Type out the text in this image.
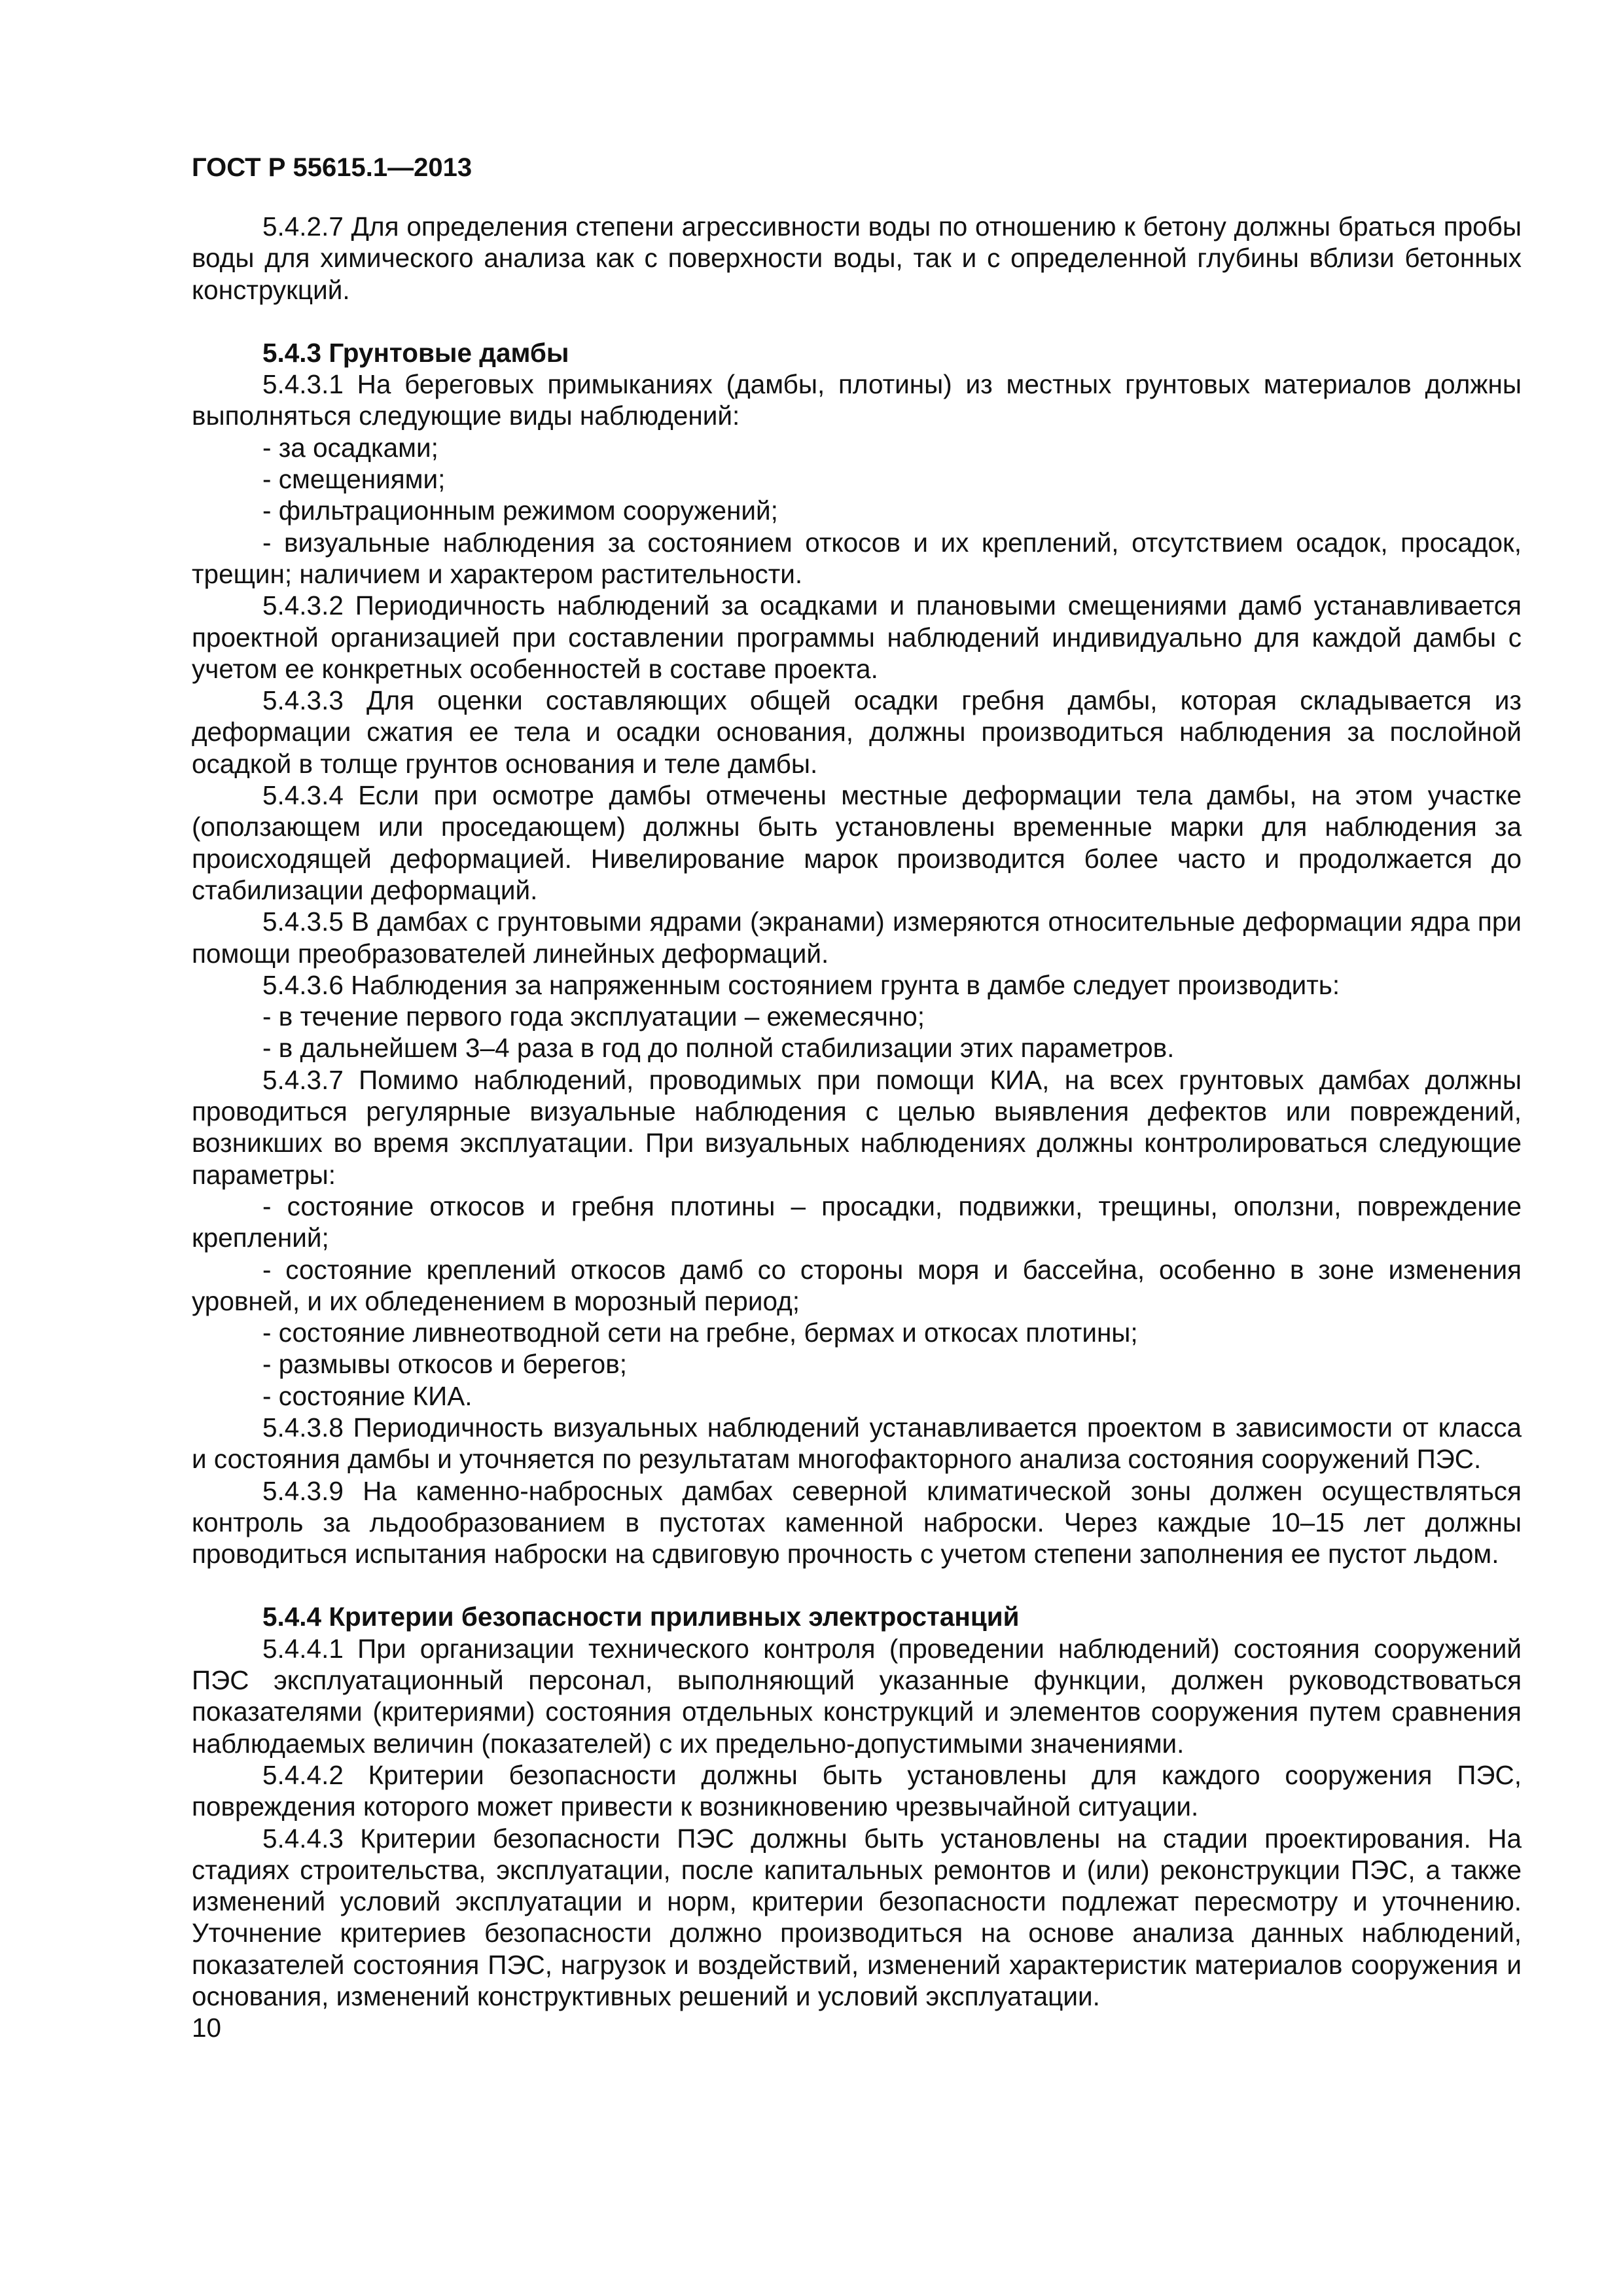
ГОСТ Р 55615.1—2013

5.4.2.7 Для определения степени агрессивности воды по отношению к бетону должны браться пробы воды для химического анализа как с поверхности воды, так и с определенной глубины вблизи бетонных конструкций.

5.4.3 Грунтовые дамбы

5.4.3.1 На береговых примыканиях (дамбы, плотины) из местных грунтовых материалов должны выполняться следующие виды наблюдений:

- за осадками;

- смещениями;

- фильтрационным режимом сооружений;

- визуальные наблюдения за состоянием откосов и их креплений, отсутствием осадок, просадок, трещин; наличием и характером растительности.

5.4.3.2 Периодичность наблюдений за осадками и плановыми смещениями дамб устанавливается проектной организацией при составлении программы наблюдений индивидуально для каждой дамбы с учетом ее конкретных особенностей в составе проекта.

5.4.3.3 Для оценки составляющих общей осадки гребня дамбы, которая складывается из деформации сжатия ее тела и осадки основания, должны производиться наблюдения за послойной осадкой в толще грунтов основания и теле дамбы.

5.4.3.4 Если при осмотре дамбы отмечены местные деформации тела дамбы, на этом участке (оползающем или проседающем) должны быть установлены временные марки для наблюдения за происходящей деформацией. Нивелирование марок производится более часто и продолжается до стабилизации деформаций.

5.4.3.5 В дамбах с грунтовыми ядрами (экранами) измеряются относительные деформации ядра при помощи преобразователей линейных деформаций.

5.4.3.6 Наблюдения за напряженным состоянием грунта в дамбе следует производить:

- в течение первого года эксплуатации – ежемесячно;

- в дальнейшем 3–4 раза в год до полной стабилизации этих параметров.

5.4.3.7 Помимо наблюдений, проводимых при помощи КИА, на всех грунтовых дамбах должны проводиться регулярные визуальные наблюдения с целью выявления дефектов или повреждений, возникших во время эксплуатации. При визуальных наблюдениях должны контролироваться следующие параметры:

- состояние откосов и гребня плотины – просадки, подвижки, трещины, оползни, повреждение креплений;

- состояние креплений откосов дамб со стороны моря и бассейна, особенно в зоне изменения уровней, и их обледенением в морозный период;

- состояние ливнеотводной сети на гребне, бермах и откосах плотины;

- размывы откосов и берегов;

- состояние КИА.

5.4.3.8 Периодичность визуальных наблюдений устанавливается проектом в зависимости от класса и состояния дамбы и уточняется по результатам многофакторного анализа состояния сооружений ПЭС.

5.4.3.9 На каменно-набросных дамбах северной климатической зоны должен осуществляться контроль за льдообразованием в пустотах каменной наброски. Через каждые 10–15 лет должны проводиться испытания наброски на сдвиговую прочность с учетом степени заполнения ее пустот льдом.

5.4.4 Критерии безопасности приливных электростанций

5.4.4.1 При организации технического контроля (проведении наблюдений) состояния сооружений ПЭС эксплуатационный персонал, выполняющий указанные функции, должен руководствоваться показателями (критериями) состояния отдельных конструкций и элементов сооружения путем сравнения наблюдаемых величин (показателей) с их предельно-допустимыми значениями.

5.4.4.2 Критерии безопасности должны быть установлены для каждого сооружения ПЭС, повреждения которого может привести к возникновению чрезвычайной ситуации.

5.4.4.3 Критерии безопасности ПЭС должны быть установлены на стадии проектирования. На стадиях строительства, эксплуатации, после капитальных ремонтов и (или) реконструкции ПЭС, а также изменений условий эксплуатации и норм, критерии безопасности подлежат пересмотру и уточнению. Уточнение критериев безопасности должно производиться на основе анализа данных наблюдений, показателей состояния ПЭС, нагрузок и воздействий, изменений характеристик материалов сооружения и основания, изменений конструктивных решений и условий эксплуатации.

10
